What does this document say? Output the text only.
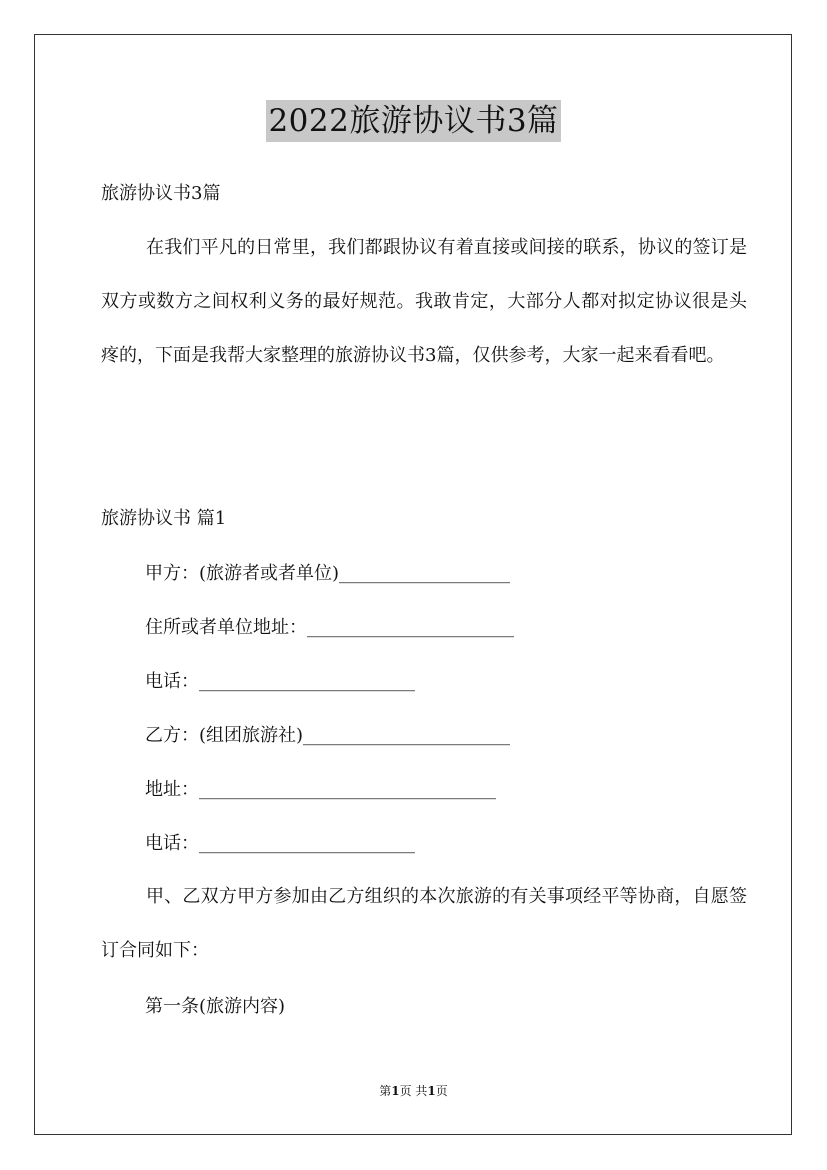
2022旅游协议书3篇
旅游协议书3篇
在我们平凡的日常里，我们都跟协议有着直接或间接的联系，协议的签订是双方或数方之间权利义务的最好规范。我敢肯定，大部分人都对拟定协议很是头疼的，下面是我帮大家整理的旅游协议书3篇，仅供参考，大家一起来看看吧。
旅游协议书 篇1
甲方：(旅游者或者单位)___________________
住所或者单位地址：_______________________
电话：________________________
乙方：(组团旅游社)_______________________
地址：_________________________________
电话：________________________
甲、乙双方甲方参加由乙方组织的本次旅游的有关事项经平等协商，自愿签订合同如下：
第一条(旅游内容)
第1页 共1页
